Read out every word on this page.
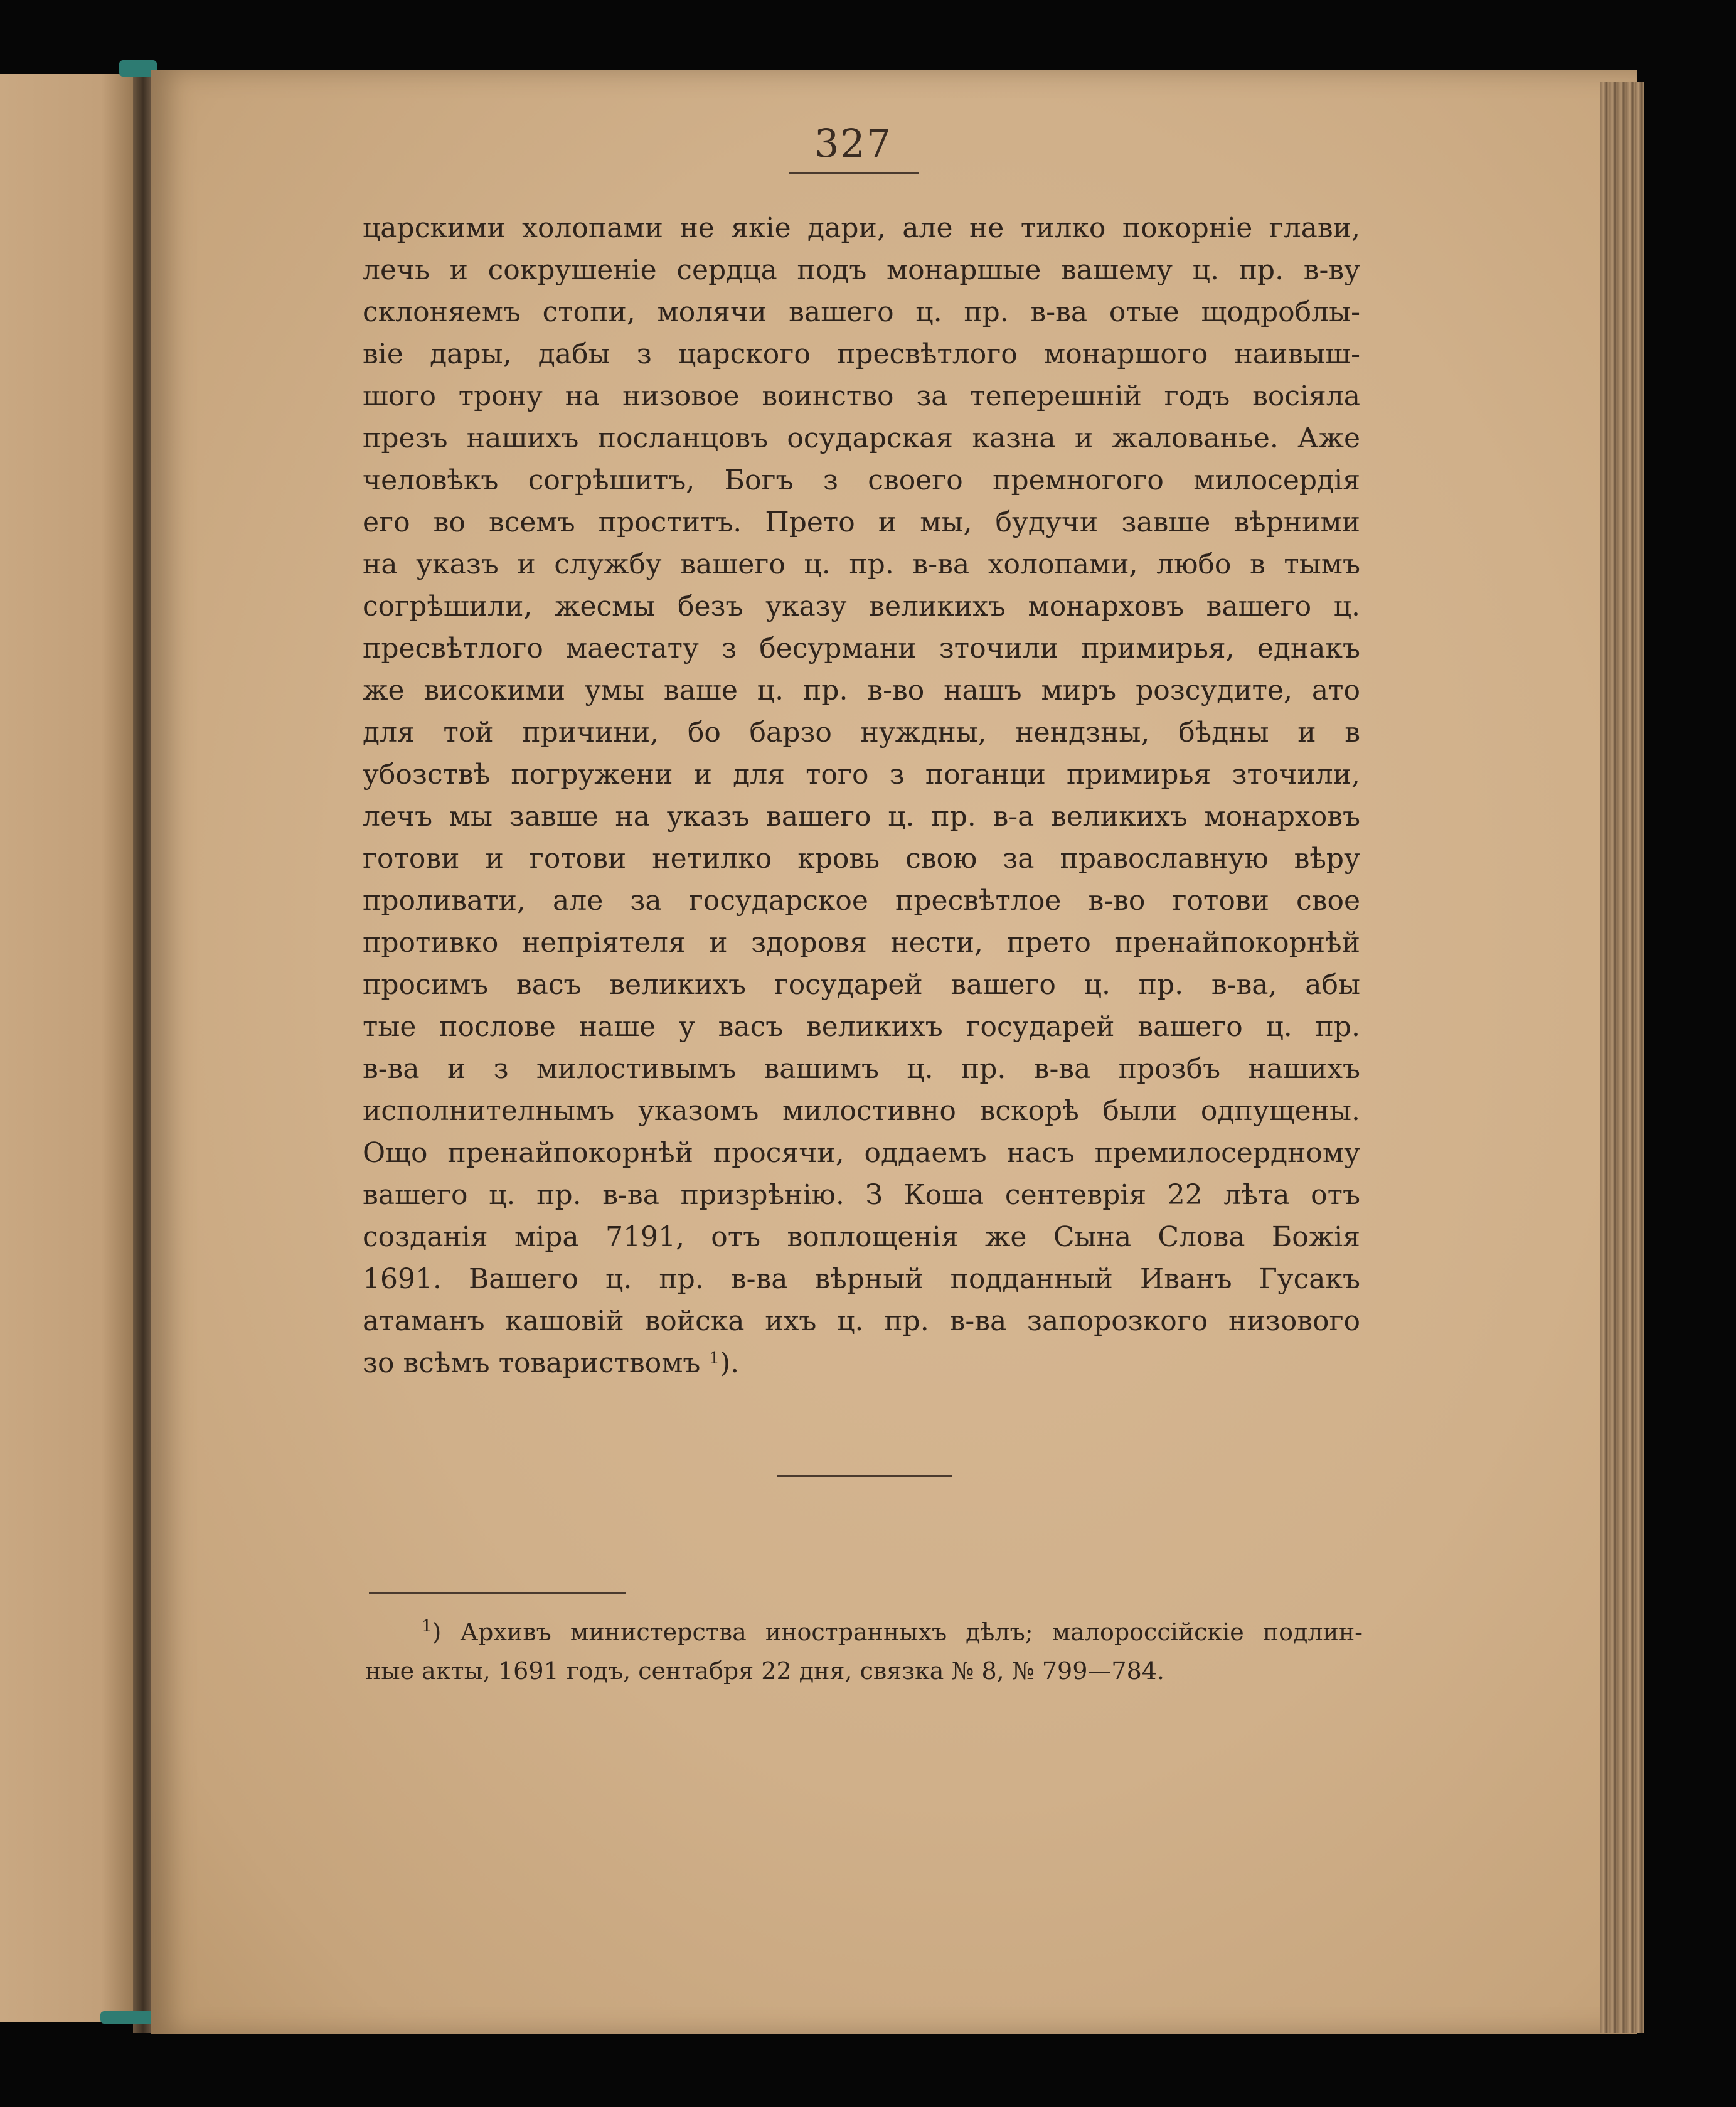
327
царскими холопами не якіе дари, але не тилко покорніе глави,
лечь и сокрушеніе сердца подъ монаршые вашему ц. пр. в-ву
склоняемъ стопи, молячи вашего ц. пр. в-ва отые щодроблы-
віе дары, дабы з царского пресвѣтлого монаршого наивыш-
шого трону на низовое воинство за теперешній годъ восіяла
презъ нашихъ посланцовъ осударская казна и жалованье. Аже
человѣкъ согрѣшитъ, Богъ з своего премногого милосердія
его во всемъ проститъ. Прето и мы, будучи завше вѣрними
на указъ и службу вашего ц. пр. в-ва холопами, любо в тымъ
согрѣшили, жесмы безъ указу великихъ монарховъ вашего ц.
пресвѣтлого маестату з бесурмани зточили примирья, еднакъ
же високими умы ваше ц. пр. в-во нашъ миръ розсудите, ато
для той причини, бо барзо нуждны, нендзны, бѣдны и в
убозствѣ погружени и для того з поганци примирья зточили,
лечъ мы завше на указъ вашего ц. пр. в-а великихъ монарховъ
готови и готови нетилко кровь свою за православную вѣру
проливати, але за государское пресвѣтлое в-во готови свое
противко непріятеля и здоровя нести, прето пренайпокорнѣй
просимъ васъ великихъ государей вашего ц. пр. в-ва, абы
тые послове наше у васъ великихъ государей вашего ц. пр.
в-ва и з милостивымъ вашимъ ц. пр. в-ва прозбъ нашихъ
исполнителнымъ указомъ милостивно вскорѣ были одпущены.
Ощо пренайпокорнѣй просячи, оддаемъ насъ премилосердному
вашего ц. пр. в-ва призрѣнію. З Коша сентеврія 22 лѣта отъ
созданія міра 7191, отъ воплощенія же Сына Слова Божія
1691. Вашего ц. пр. в-ва вѣрный подданный Иванъ Гусакъ
атаманъ кашовій войска ихъ ц. пр. в-ва запорозкого низового
зо всѣмъ товариствомъ $^1$).
$^1$) Архивъ министерства иностранныхъ дѣлъ; малороссійскіе подлин-
ные акты, 1691 годъ, сентабря 22 дня, связка № 8, № 799—784.
